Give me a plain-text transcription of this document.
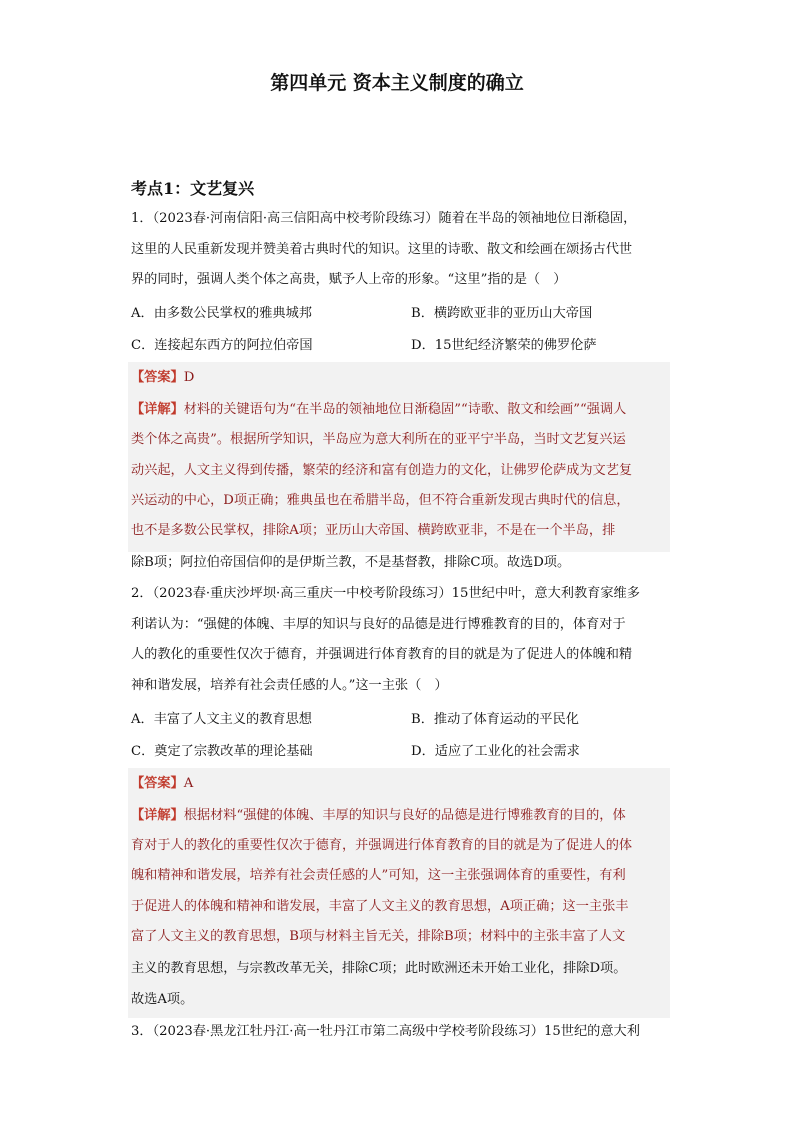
第四单元 资本主义制度的确立
考点1：文艺复兴
1．（2023春·河南信阳·高三信阳高中校考阶段练习）随着在半岛的领袖地位日渐稳固，
这里的人民重新发现并赞美着古典时代的知识。这里的诗歌、散文和绘画在颂扬古代世
界的同时，强调人类个体之高贵，赋予人上帝的形象。“这里”指的是（　）
A．由多数公民掌权的雅典城邦	B．横跨欧亚非的亚历山大帝国
C．连接起东西方的阿拉伯帝国	D．15世纪经济繁荣的佛罗伦萨
【答案】D
【详解】材料的关键语句为“在半岛的领袖地位日渐稳固”“诗歌、散文和绘画”“强调人
类个体之高贵”。根据所学知识，半岛应为意大利所在的亚平宁半岛，当时文艺复兴运
动兴起，人文主义得到传播，繁荣的经济和富有创造力的文化，让佛罗伦萨成为文艺复
兴运动的中心，D项正确；雅典虽也在希腊半岛，但不符合重新发现古典时代的信息，
也不是多数公民掌权，排除A项；亚历山大帝国、横跨欧亚非，不是在一个半岛，排
除B项；阿拉伯帝国信仰的是伊斯兰教，不是基督教，排除C项。故选D项。
2．（2023春·重庆沙坪坝·高三重庆一中校考阶段练习）15世纪中叶，意大利教育家维多
利诺认为：“强健的体魄、丰厚的知识与良好的品德是进行博雅教育的目的，体育对于
人的教化的重要性仅次于德育，并强调进行体育教育的目的就是为了促进人的体魄和精
神和谐发展，培养有社会责任感的人。”这一主张（　）
A．丰富了人文主义的教育思想	B．推动了体育运动的平民化
C．奠定了宗教改革的理论基础	D．适应了工业化的社会需求
【答案】A
【详解】根据材料“强健的体魄、丰厚的知识与良好的品德是进行博雅教育的目的，体
育对于人的教化的重要性仅次于德育，并强调进行体育教育的目的就是为了促进人的体
魄和精神和谐发展，培养有社会责任感的人”可知，这一主张强调体育的重要性，有利
于促进人的体魄和精神和谐发展，丰富了人文主义的教育思想，A项正确；这一主张丰
富了人文主义的教育思想，B项与材料主旨无关，排除B项；材料中的主张丰富了人文
主义的教育思想，与宗教改革无关，排除C项；此时欧洲还未开始工业化，排除D项。
故选A项。
3．（2023春·黑龙江牡丹江·高一牡丹江市第二高级中学校考阶段练习）15世纪的意大利
